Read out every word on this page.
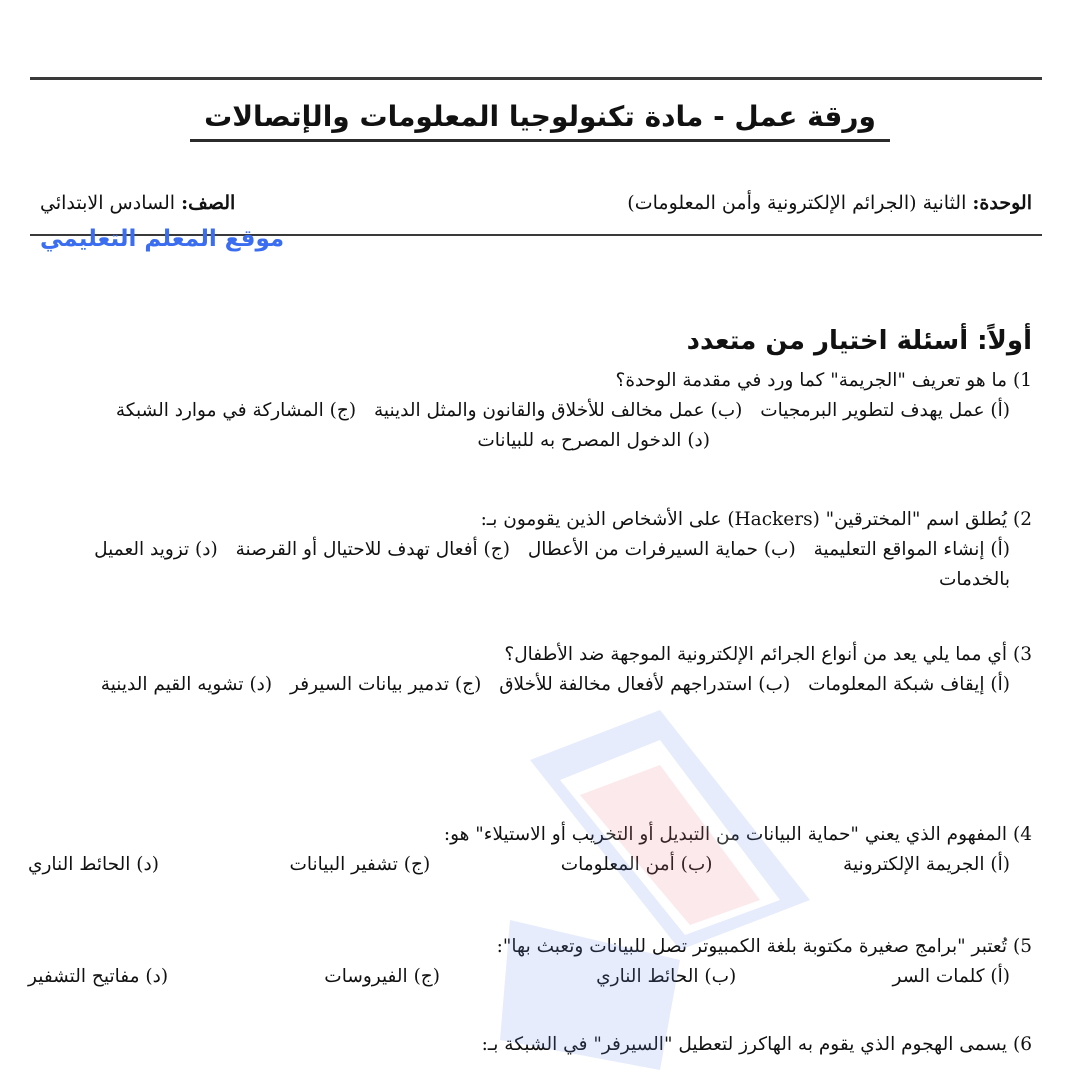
ورقة عمل - مادة تكنولوجيا المعلومات والإتصالات
الوحدة: الثانية (الجرائم الإلكترونية وأمن المعلومات)
الصف: السادس الابتدائي
موقع المعلم التعليمي
أولاً: أسئلة اختيار من متعدد
1)ما هو تعريف "الجريمة" كما ورد في مقدمة الوحدة؟
(أ) عمل يهدف لتطوير البرمجيات (ب) عمل مخالف للأخلاق والقانون والمثل الدينية (ج) المشاركة في موارد الشبكة (د) الدخول المصرح به للبيانات
2)يُطلق اسم "المخترقين" (Hackers) على الأشخاص الذين يقومون بـ:
(أ) إنشاء المواقع التعليمية (ب) حماية السيرفرات من الأعطال (ج) أفعال تهدف للاحتيال أو القرصنة (د) تزويد العميل بالخدمات
3)أي مما يلي يعد من أنواع الجرائم الإلكترونية الموجهة ضد الأطفال؟
(أ) إيقاف شبكة المعلومات (ب) استدراجهم لأفعال مخالفة للأخلاق (ج) تدمير بيانات السيرفر (د) تشويه القيم الدينية
4)المفهوم الذي يعني "حماية البيانات من التبديل أو التخريب أو الاستيلاء" هو:
(أ) الجريمة الإلكترونية
(ب) أمن المعلومات
(ج) تشفير البيانات
(د) الحائط الناري
5)تُعتبر "برامج صغيرة مكتوبة بلغة الكمبيوتر تصل للبيانات وتعبث بها":
(أ) كلمات السر
(ب) الحائط الناري
(ج) الفيروسات
(د) مفاتيح التشفير
6)يسمى الهجوم الذي يقوم به الهاكرز لتعطيل "السيرفر" في الشبكة بـ:
